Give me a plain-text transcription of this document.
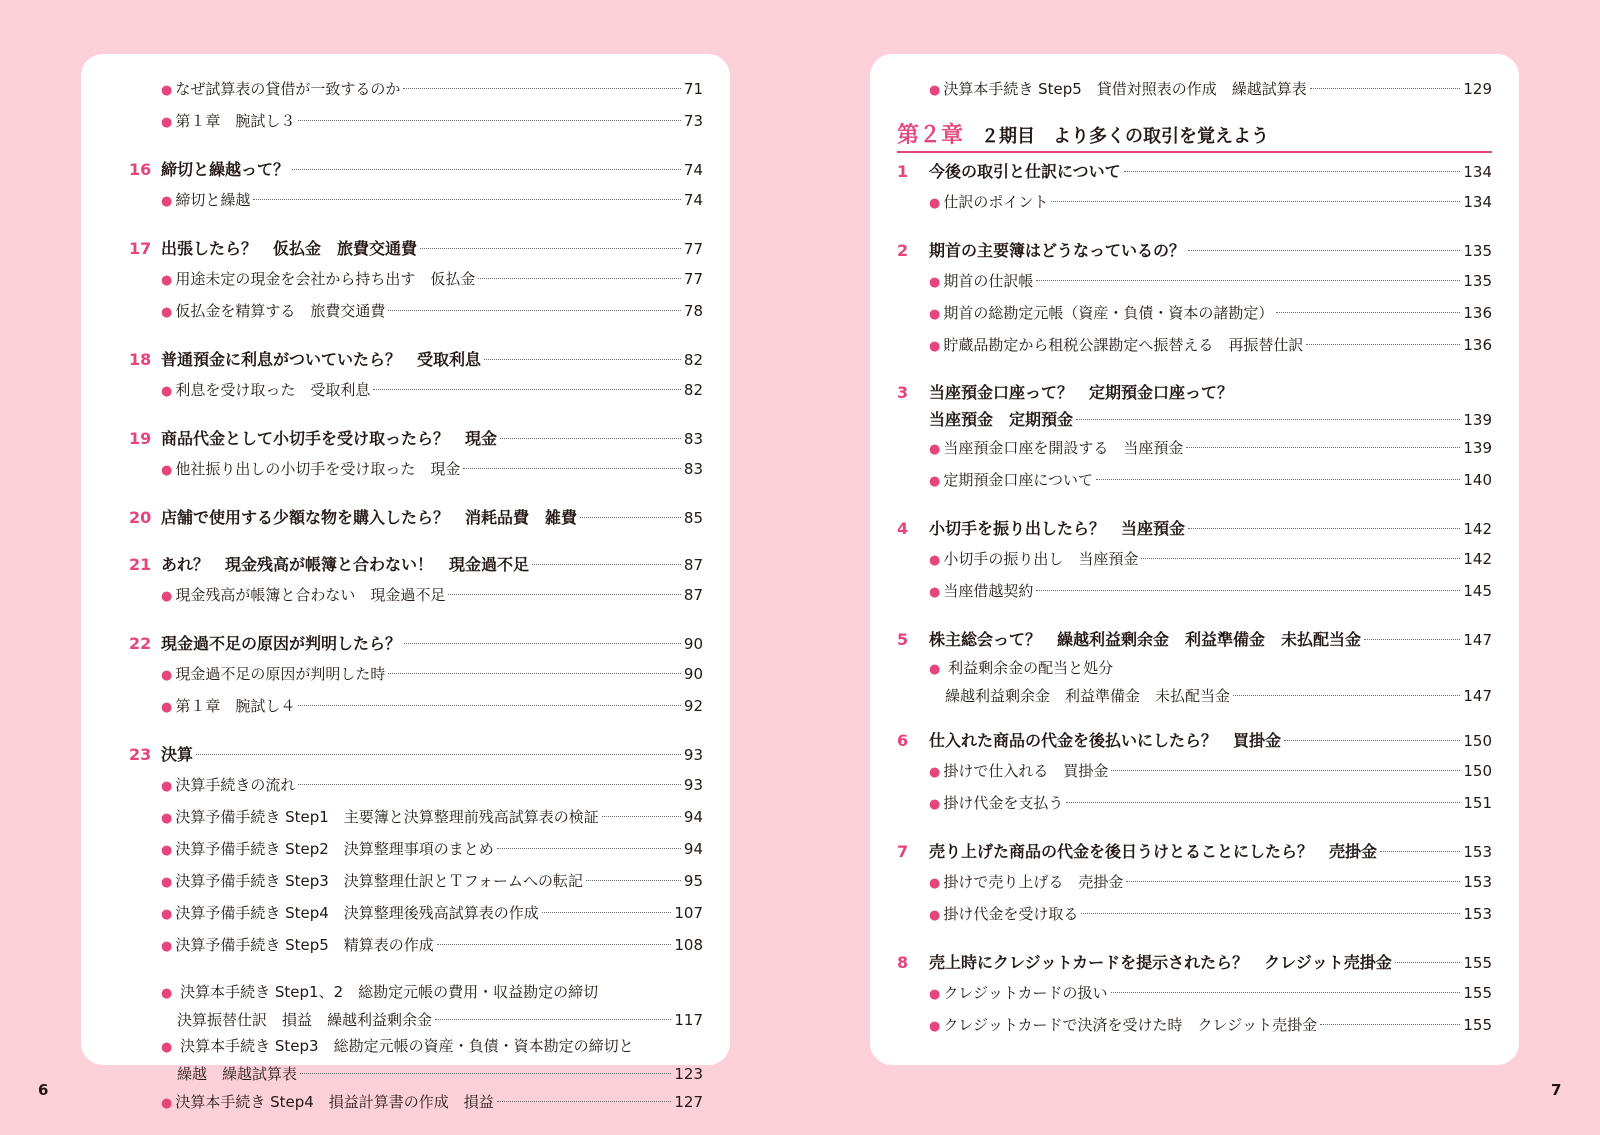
● なぜ試算表の貸借が一致するのか	71
● 第１章　腕試し３	73
16 締切と繰越って？	74
● 締切と繰越	74
17 出張したら？　仮払金　旅費交通費	77
● 用途未定の現金を会社から持ち出す　仮払金	77
● 仮払金を精算する　旅費交通費	78
18 普通預金に利息がついていたら？　受取利息	82
● 利息を受け取った　受取利息	82
19 商品代金として小切手を受け取ったら？　現金	83
● 他社振り出しの小切手を受け取った　現金	83
20 店舗で使用する少額な物を購入したら？　消耗品費　雑費	85
21 あれ？　現金残高が帳簿と合わない！　現金過不足	87
● 現金残高が帳簿と合わない　現金過不足	87
22 現金過不足の原因が判明したら？	90
● 現金過不足の原因が判明した時	90
● 第１章　腕試し４	92
23 決算	93
● 決算手続きの流れ	93
● 決算予備手続き Step1　主要簿と決算整理前残高試算表の検証	94
● 決算予備手続き Step2　決算整理事項のまとめ	94
● 決算予備手続き Step3　決算整理仕訳とＴフォームへの転記	95
● 決算予備手続き Step4　決算整理後残高試算表の作成	107
● 決算予備手続き Step5　精算表の作成	108
● 決算本手続き Step1、2　総勘定元帳の費用・収益勘定の締切
決算振替仕訳　損益　繰越利益剰余金	117
● 決算本手続き Step3　総勘定元帳の資産・負債・資本勘定の締切と
繰越　繰越試算表	123
● 決算本手続き Step4　損益計算書の作成　損益	127
● 決算本手続き Step5　貸借対照表の作成　繰越試算表	129
第２章 ２期目　より多くの取引を覚えよう
1	今後の取引と仕訳について	134
● 仕訳のポイント	134
2	期首の主要簿はどうなっているの？	135
● 期首の仕訳帳	135
● 期首の総勘定元帳（資産・負債・資本の諸勘定）	136
● 貯蔵品勘定から租税公課勘定へ振替える　再振替仕訳	136
3	当座預金口座って？　定期預金口座って？
当座預金　定期預金	139
● 当座預金口座を開設する　当座預金	139
● 定期預金口座について	140
4	小切手を振り出したら？　当座預金	142
● 小切手の振り出し　当座預金	142
● 当座借越契約	145
5	株主総会って？　繰越利益剰余金　利益準備金　未払配当金	147
● 利益剰余金の配当と処分
繰越利益剰余金　利益準備金　未払配当金	147
6	仕入れた商品の代金を後払いにしたら？　買掛金	150
● 掛けで仕入れる　買掛金	150
● 掛け代金を支払う	151
7	売り上げた商品の代金を後日うけとることにしたら？　売掛金	153
● 掛けで売り上げる　売掛金	153
● 掛け代金を受け取る	153
8	売上時にクレジットカードを提示されたら？　クレジット売掛金	155
● クレジットカードの扱い	155
● クレジットカードで決済を受けた時　クレジット売掛金	155
6	7
